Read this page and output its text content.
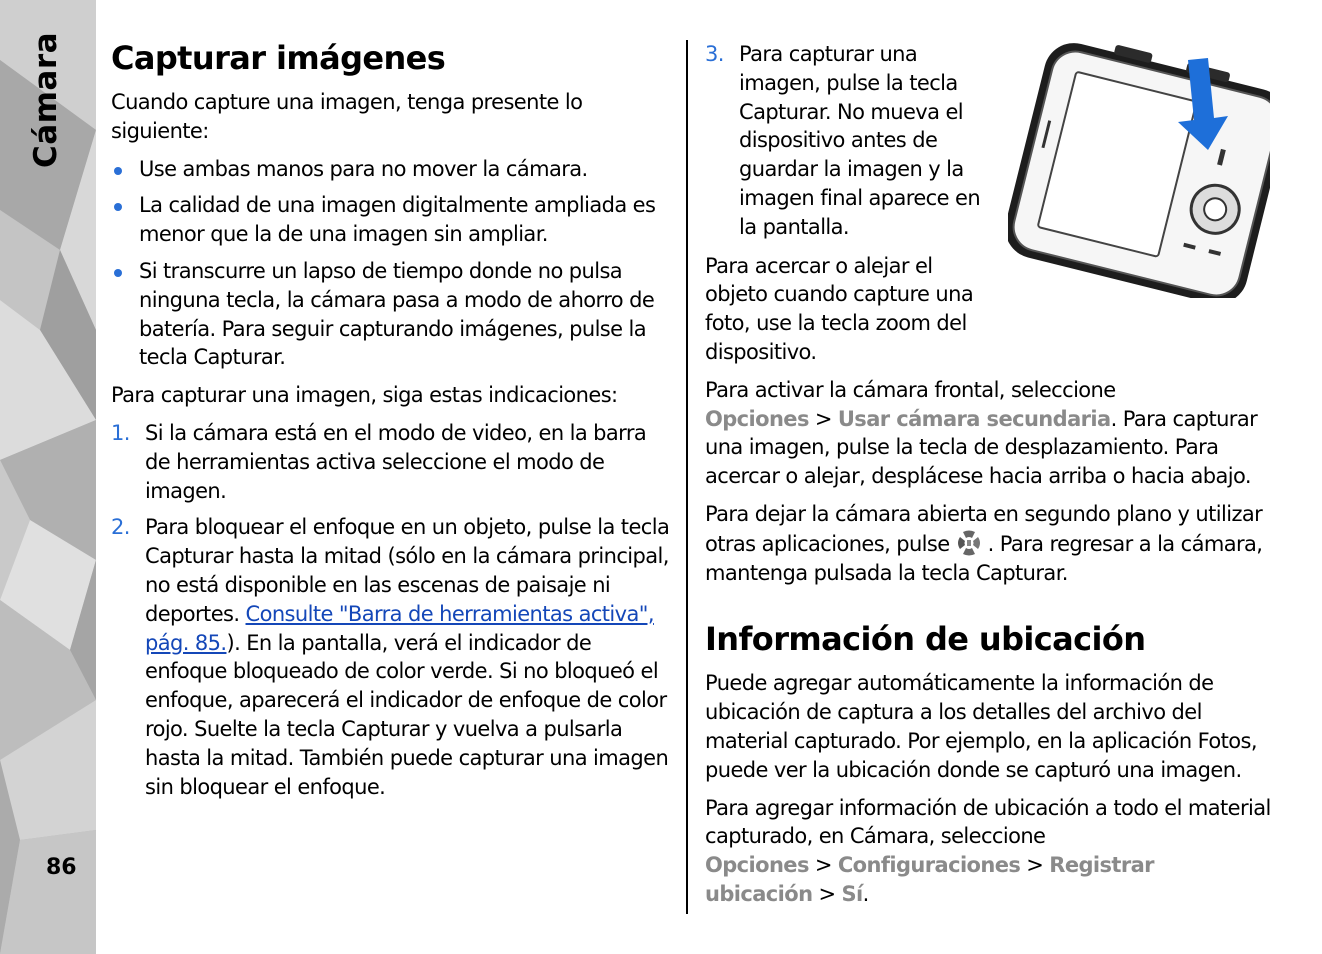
Cámara
86
Capturar imágenes

Cuando capture una imagen, tenga presente lo siguiente:

Use ambas manos para no mover la cámara.
La calidad de una imagen digitalmente ampliada es menor que la de una imagen sin ampliar.
Si transcurre un lapso de tiempo donde no pulsa ninguna tecla, la cámara pasa a modo de ahorro de batería. Para seguir capturando imágenes, pulse la tecla Capturar.

Para capturar una imagen, siga estas indicaciones:

1. Si la cámara está en el modo de video, en la barra de herramientas activa seleccione el modo de imagen.
2. Para bloquear el enfoque en un objeto, pulse la tecla Capturar hasta la mitad (sólo en la cámara principal, no está disponible en las escenas de paisaje ni deportes. Consulte "Barra de herramientas activa", pág. 85.). En la pantalla, verá el indicador de enfoque bloqueado de color verde. Si no bloqueó el enfoque, aparecerá el indicador de enfoque de color rojo. Suelte la tecla Capturar y vuelva a pulsarla hasta la mitad. También puede capturar una imagen sin bloquear el enfoque.
3. Para capturar una imagen, pulse la tecla Capturar. No mueva el dispositivo antes de guardar la imagen y la imagen final aparece en la pantalla.

Para acercar o alejar el objeto cuando capture una foto, use la tecla zoom del dispositivo.

Para activar la cámara frontal, seleccione Opciones > Usar cámara secundaria. Para capturar una imagen, pulse la tecla de desplazamiento. Para acercar o alejar, desplácese hacia arriba o hacia abajo.

Para dejar la cámara abierta en segundo plano y utilizar otras aplicaciones, pulse . Para regresar a la cámara, mantenga pulsada la tecla Capturar.

Información de ubicación

Puede agregar automáticamente la información de ubicación de captura a los detalles del archivo del material capturado. Por ejemplo, en la aplicación Fotos, puede ver la ubicación donde se capturó una imagen.

Para agregar información de ubicación a todo el material capturado, en Cámara, seleccione Opciones > Configuraciones > Registrar ubicación > Sí.
